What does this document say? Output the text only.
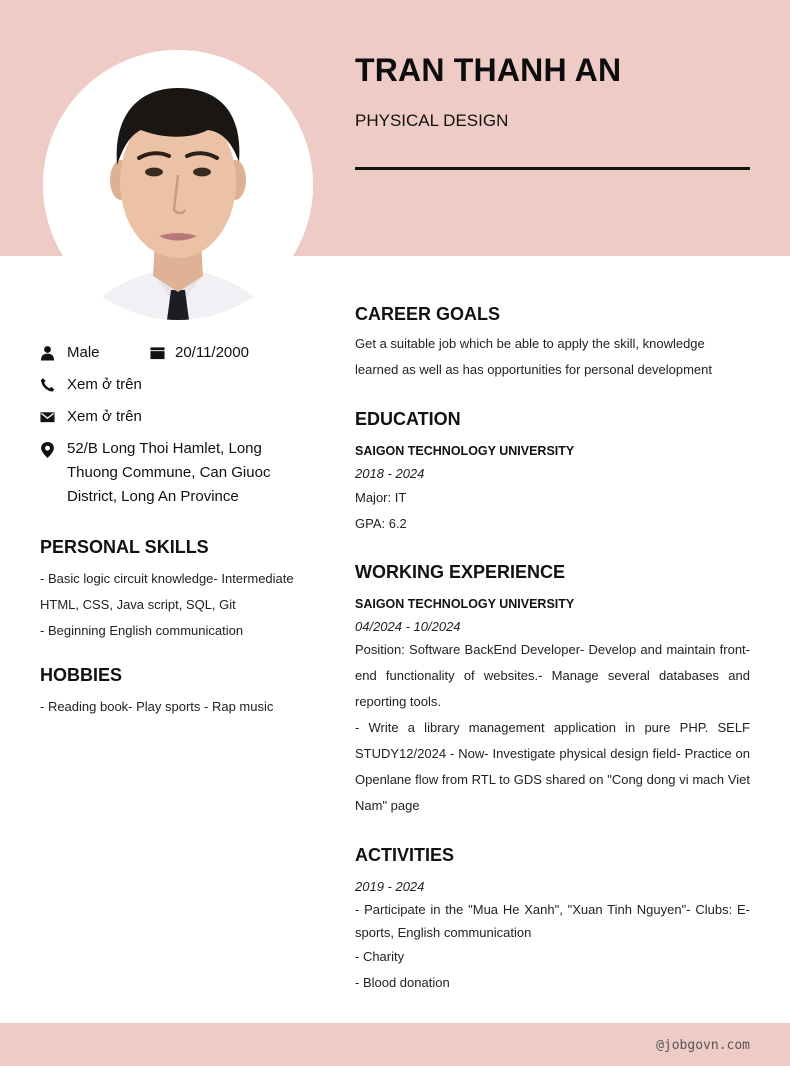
TRAN THANH AN
PHYSICAL DESIGN
Male	20/11/2000
Xem ở trên
Xem ở trên
52/B Long Thoi Hamlet, Long Thuong Commune, Can Giuoc District, Long An Province
PERSONAL SKILLS
- Basic logic circuit knowledge- Intermediate HTML, CSS, Java script, SQL, Git
- Beginning English communication
HOBBIES
- Reading book- Play sports - Rap music
CAREER GOALS
Get a suitable job which be able to apply the skill, knowledge learned as well as has opportunities for personal development
EDUCATION
SAIGON TECHNOLOGY UNIVERSITY
2018 - 2024
Major: IT
GPA: 6.2
WORKING EXPERIENCE
SAIGON TECHNOLOGY UNIVERSITY
04/2024 - 10/2024
Position: Software BackEnd Developer- Develop and maintain front-end functionality of websites.- Manage several databases and reporting tools.
- Write a library management application in pure PHP. SELF STUDY12/2024 - Now- Investigate physical design field- Practice on Openlane flow from RTL to GDS shared on "Cong dong vi mach Viet Nam" page
ACTIVITIES
2019 - 2024
- Participate in the "Mua He Xanh", "Xuan Tinh Nguyen"- Clubs: E-sports, English communication
- Charity
- Blood donation
@jobgovn.com
